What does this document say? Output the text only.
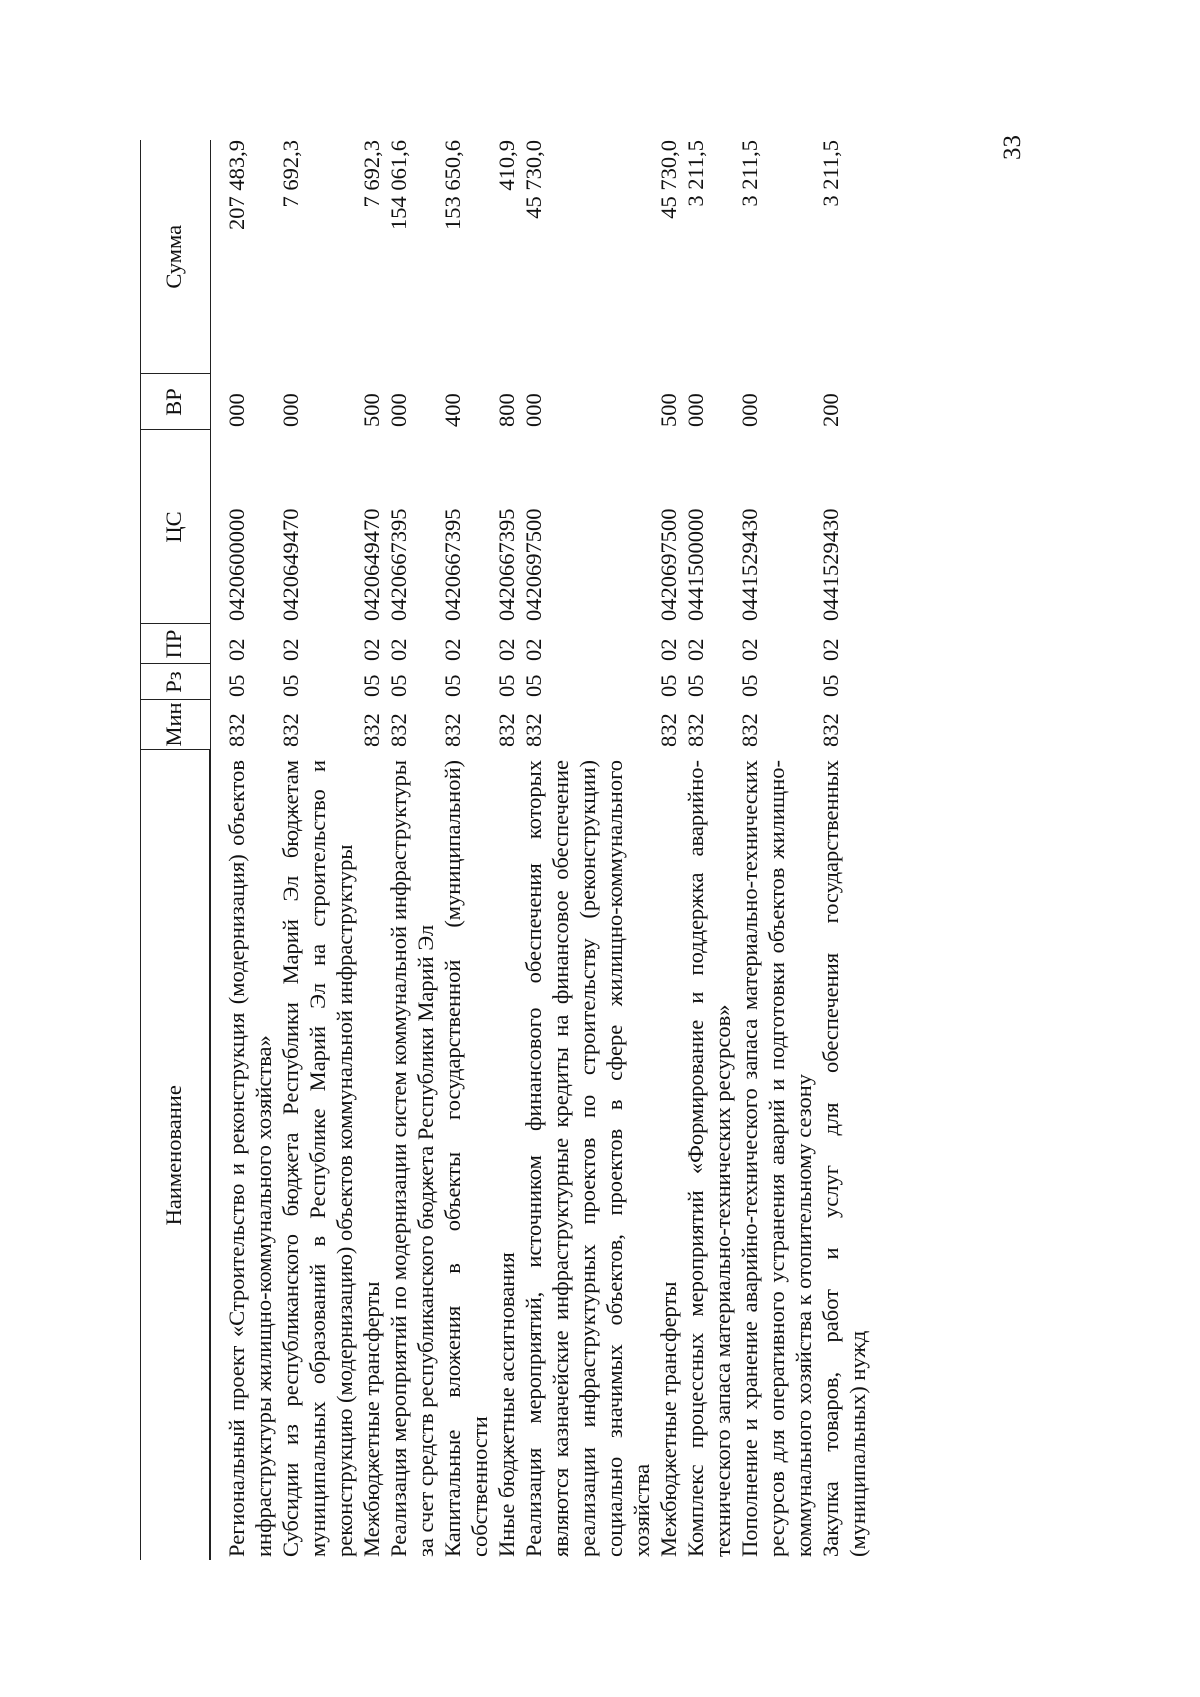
33
Наименование	Мин	Рз	ПР	ЦС	ВР	Сумма
Региональный проект «Строительство и реконструкция (модернизация) объектов инфраструктуры жилищно-коммунального хозяйства»	832	05	02	0420600000	000	207 483,9
Субсидии из республиканского бюджета Республики Марий Эл бюджетам муниципальных образований в Республике Марий Эл на строительство и реконструкцию (модернизацию) объектов коммунальной инфраструктуры	832	05	02	0420649470	000	7 692,3
Межбюджетные трансферты	832	05	02	0420649470	500	7 692,3
Реализация мероприятий по модернизации систем коммунальной инфраструктуры за счет средств республиканского бюджета Республики Марий Эл	832	05	02	0420667395	000	154 061,6
Капитальные вложения в объекты государственной (муниципальной) собственности	832	05	02	0420667395	400	153 650,6
Иные бюджетные ассигнования	832	05	02	0420667395	800	410,9
Реализация мероприятий, источником финансового обеспечения которых являются казначейские инфраструктурные кредиты на финансовое обеспечение реализации инфраструктурных проектов по строительству (реконструкции) социально значимых объектов, проектов в сфере жилищно-коммунального хозяйства	832	05	02	0420697500	000	45 730,0
Межбюджетные трансферты	832	05	02	0420697500	500	45 730,0
Комплекс процессных мероприятий «Формирование и поддержка аварийно-технического запаса материально-технических ресурсов»	832	05	02	0441500000	000	3 211,5
Пополнение и хранение аварийно-технического запаса материально-технических ресурсов для оперативного устранения аварий и подготовки объектов жилищно-коммунального хозяйства к отопительному сезону	832	05	02	0441529430	000	3 211,5
Закупка товаров, работ и услуг для обеспечения государственных (муниципальных) нужд	832	05	02	0441529430	200	3 211,5
